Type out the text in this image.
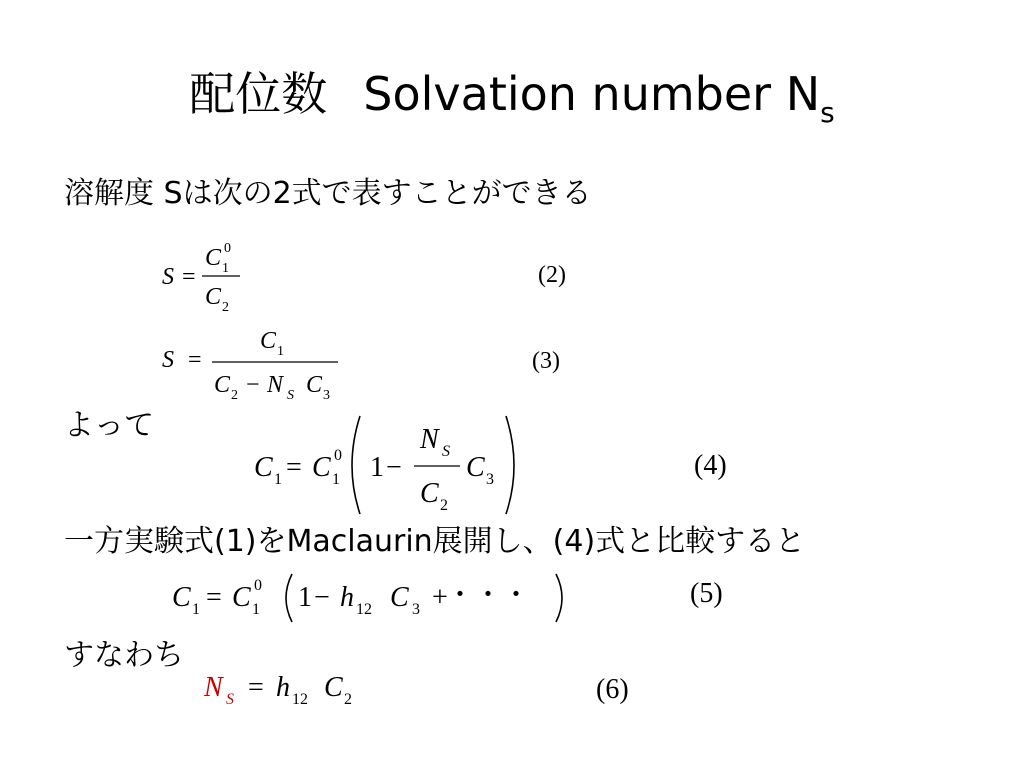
配位数 Solvation number $N_s$
溶解度 Sは次の2式で表すことができる
S =
C 0
1
C 2
(2)
S =
C 1
C 2 − N S C 3
(3)
よって
C 1 = C 0
1 1 −
N S
C 2
C 3	(4)
一方実験式(1)をMaclaurin展開し、(4)式と比較すると
C 1 = C 0
1 1 − h 12 C 3 +
・・・	(5)
すなわち
N S = h 12 C 2	(6)
